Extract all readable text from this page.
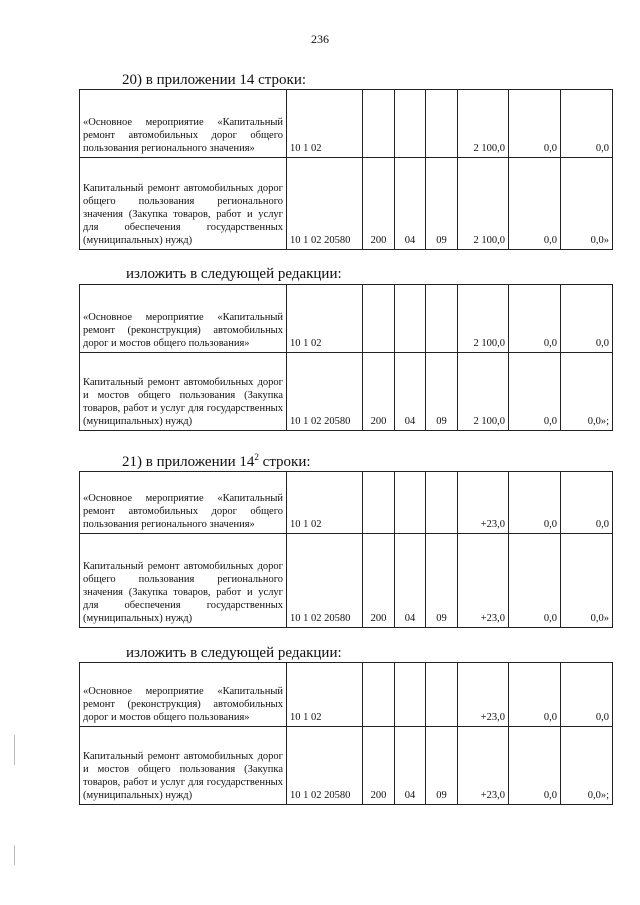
236
20) в приложении 14 строки:
«Основное мероприятие «Капитальный ремонт автомобильных дорог общего пользования регионального значения»	10 1 02				2 100,0	0,0	0,0
Капитальный ремонт автомобильных дорог общего пользования регионального значения (Закупка товаров, работ и услуг для обеспечения государственных (муниципальных) нужд)	10 1 02 20580	200	04	09	2 100,0	0,0	0,0»
изложить в следующей редакции:
«Основное мероприятие «Капитальный ремонт (реконструкция) автомобильных дорог и мостов общего пользования»	10 1 02				2 100,0	0,0	0,0
Капитальный ремонт автомобильных дорог и мостов общего пользования (Закупка товаров, работ и услуг для государственных (муниципальных) нужд)	10 1 02 20580	200	04	09	2 100,0	0,0	0,0»;
21) в приложении $14^2$ строки:
«Основное мероприятие «Капитальный ремонт автомобильных дорог общего пользования регионального значения»	10 1 02				+23,0	0,0	0,0
Капитальный ремонт автомобильных дорог общего пользования регионального значения (Закупка товаров, работ и услуг для обеспечения государственных (муниципальных) нужд)	10 1 02 20580	200	04	09	+23,0	0,0	0,0»
изложить в следующей редакции:
«Основное мероприятие «Капитальный ремонт (реконструкция) автомобильных дорог и мостов общего пользования»	10 1 02				+23,0	0,0	0,0
Капитальный ремонт автомобильных дорог и мостов общего пользования (Закупка товаров, работ и услуг для государственных (муниципальных) нужд)	10 1 02 20580	200	04	09	+23,0	0,0	0,0»;
